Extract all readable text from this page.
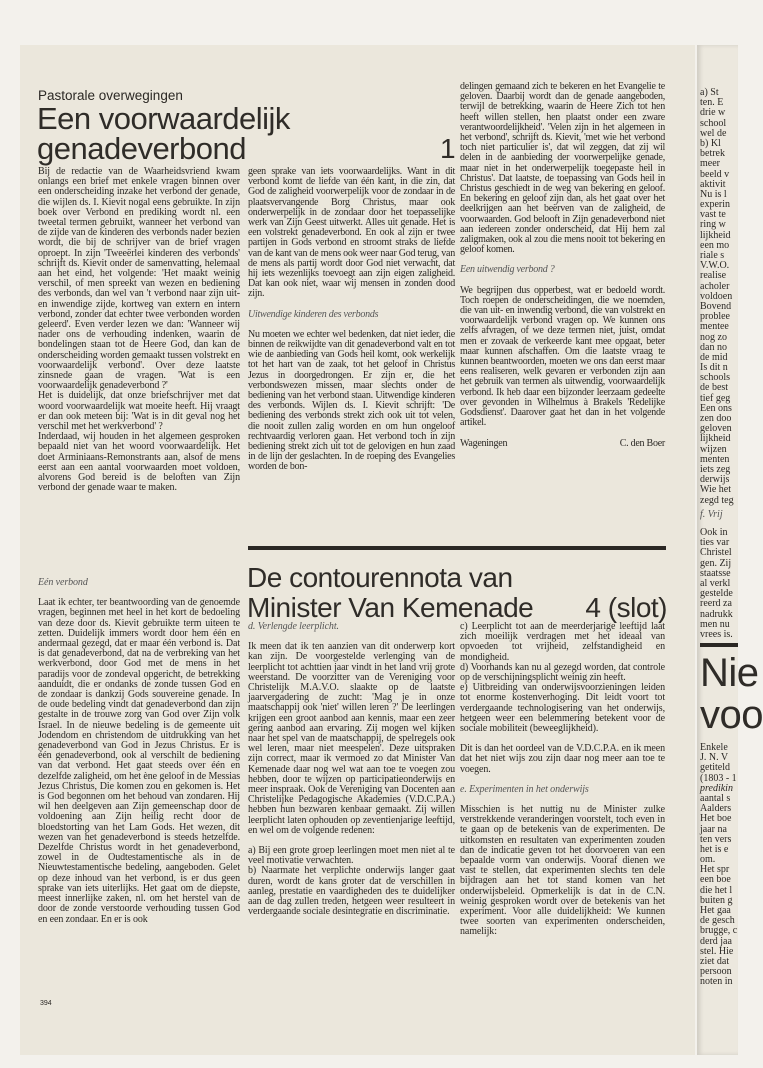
Pastorale overwegingen
Een voorwaardelijk
genadeverbond	1

Bij de redactie van de Waarheidsvriend kwam onlangs een brief met enkele vragen binnen over een onderscheiding inzake het verbond der genade, die wijlen ds. I. Kievit nogal eens gebruikte. In zijn boek over Verbond en prediking wordt nl. een tweetal termen gebruikt, wanneer het verbond van de zijde van de kinderen des verbonds nader bezien wordt, die bij de schrijver van de brief vragen oproept. In zijn 'Tweeërlei kinderen des verbonds' schrijft ds. Kievit onder de samenvatting, helemaal aan het eind, het volgende: 'Het maakt weinig verschil, of men spreekt van wezen en bediening des verbonds, dan wel van 't verbond naar zijn uit- en inwendige zijde, kortweg van extern en intern verbond, zonder dat echter twee verbonden worden geleerd'. Even verder lezen we dan: 'Wanneer wij nader ons de verhouding indenken, waarin de bondelingen staan tot de Heere God, dan kan de onderscheiding worden gemaakt tussen volstrekt en voorwaardelijk verbond'. Over deze laatste zinsnede gaan de vragen. 'Wat is een voorwaardelijk genadeverbond ?'

Het is duidelijk, dat onze briefschrijver met dat woord voorwaardelijk wat moeite heeft. Hij vraagt er dan ook meteen bij: 'Wat is in dit geval nog het verschil met het werkverbond' ?

Inderdaad, wij houden in het algemeen gesproken bepaald niet van het woord voorwaardelijk. Het doet Arminiaans-Remonstrants aan, alsof de mens eerst aan een aantal voorwaarden moet voldoen, alvorens God bereid is de beloften van Zijn verbond der genade waar te maken.

Eén verbond

Laat ik echter, ter beantwoording van de genoemde vragen, beginnen met heel in het kort de bedoeling van deze door ds. Kievit gebruikte term uiteen te zetten. Duidelijk immers wordt door hem één en andermaal gezegd, dat er maar één verbond is. Dat is dat genadeverbond, dat na de verbreking van het werkverbond, door God met de mens in het paradijs voor de zondeval opgericht, de betrekking aanduidt, die er ondanks de zonde tussen God en de zondaar is dankzij Gods souvereine genade. In de oude bedeling vindt dat genadeverbond dan zijn gestalte in de trouwe zorg van God over Zijn volk Israel. In de nieuwe bedeling is de gemeente uit Jodendom en christendom de uitdrukking van het genadeverbond van God in Jezus Christus. Er is één genadeverbond, ook al verschilt de bediening van dat verbond. Het gaat steeds over één en dezelfde zaligheid, om het ène geloof in de Messias Jezus Christus, Die komen zou en gekomen is. Het is God begonnen om het behoud van zondaren. Hij wil hen deelgeven aan Zijn gemeenschap door de voldoening aan Zijn heilig recht door de bloedstorting van het Lam Gods. Het wezen, dit wezen van het genadeverbond is steeds hetzelfde. Dezelfde Christus wordt in het genadeverbond, zowel in de Oudtestamentische als in de Nieuwtestamentische bedeling, aangeboden. Gelet op deze inhoud van het verbond, is er dus geen sprake van iets uiterlijks. Het gaat om de diepste, meest innerlijke zaken, nl. om het herstel van de door de zonde verstoorde verhouding tussen God en een zondaar. En er is ook

geen sprake van iets voorwaardelijks. Want in dit verbond komt de liefde van één kant, in die zin, dat God de zaligheid voorwerpelijk voor de zondaar in de plaatsvervangende Borg Christus, maar ook onderwerpelijk in de zondaar door het toepasselijke werk van Zijn Geest uitwerkt. Alles uit genade. Het is een volstrekt genadeverbond. En ook al zijn er twee partijen in Gods verbond en stroomt straks de liefde van de kant van de mens ook weer naar God terug, van de mens als partij wordt door God niet verwacht, dat hij iets wezenlijks toevoegt aan zijn eigen zaligheid. Dat kan ook niet, waar wij mensen in zonden dood zijn.

Uitwendige kinderen des verbonds

Nu moeten we echter wel bedenken, dat niet ieder, die binnen de reikwijdte van dit genadeverbond valt en tot wie de aanbieding van Gods heil komt, ook werkelijk tot het hart van de zaak, tot het geloof in Christus Jezus in doorgedrongen. Er zijn er, die het verbondswezen missen, maar slechts onder de bediening van het verbond staan. Uitwendige kinderen des verbonds. Wijlen ds. I. Kievit schrijft: 'De bediening des verbonds strekt zich ook uit tot velen, die nooit zullen zalig worden en om hun ongeloof rechtvaardig verloren gaan. Het verbond toch in zijn bediening strekt zich uit tot de gelovigen en hun zaad in de lijn der geslachten. In de roeping des Evangelies worden de bon-

delingen gemaand zich te bekeren en het Evangelie te geloven. Daarbij wordt dan de genade aangeboden, terwijl de betrekking, waarin de Heere Zich tot hen heeft willen stellen, hen plaatst onder een zware verantwoordelijkheid'. 'Velen zijn in het algemeen in het verbond', schrijft ds. Kievit, 'met wie het verbond toch niet particulier is', dat wil zeggen, dat zij wil delen in de aanbieding der voorwerpelijke genade, maar niet in het onderwerpelijk toegepaste heil in Christus'. Dat laatste, de toepassing van Gods heil in Christus geschiedt in de weg van bekering en geloof. En bekering en geloof zijn dan, als het gaat over het deelkrijgen aan het beërven van de zaligheid, de voorwaarden. God belooft in Zijn genadeverbond niet aan iedereen zonder onderscheid, dat Hij hem zal zaligmaken, ook al zou die mens nooit tot bekering en geloof komen.

Een uitwendig verbond ?

We begrijpen dus opperbest, wat er bedoeld wordt. Toch roepen de onderscheidingen, die we noemden, die van uit- en inwendig verbond, die van volstrekt en voorwaardelijk verbond vragen op. We kunnen ons zelfs afvragen, of we deze termen niet, juist, omdat men er zovaak de verkeerde kant mee opgaat, beter maar kunnen afschaffen. Om die laatste vraag te kunnen beantwoorden, moeten we ons dan eerst maar eens realiseren, welk gevaren er verbonden zijn aan het gebruik van termen als uitwendig, voorwaardelijk verbond. Ik heb daar een bijzonder leerzaam gedeelte over gevonden in Wilhelmus à Brakels 'Redelijke Godsdienst'. Daarover gaat het dan in het volgende artikel.

Wageningen	C. den Boer
De contourennota van
Minister Van Kemenade	4 (slot)

d. Verlengde leerplicht.

Ik meen dat ik ten aanzien van dit onderwerp kort kan zijn. De voorgestelde verlenging van de leerplicht tot achttien jaar vindt in het land vrij grote weerstand. De voorzitter van de Vereniging voor Christelijk M.A.V.O. slaakte op de laatste jaarvergadering de zucht: 'Mag je in onze maatschappij ook 'niet' willen leren ?' De leerlingen krijgen een groot aanbod aan kennis, maar een zeer gering aanbod aan ervaring. Zij mogen wel kijken naar het spel van de maatschappij, de spelregels ook wel leren, maar niet meespelen'. Deze uitspraken zijn correct, maar ik vermoed zo dat Minister Van Kemenade daar nog wel wat aan toe te voegen zou hebben, door te wijzen op participatieonderwijs en meer inspraak. Ook de Vereniging van Docenten aan Christelijke Pedagogische Akademies (V.D.C.P.A.) hebben hun bezwaren kenbaar gemaakt. Zij willen leerplicht laten ophouden op zeventienjarige leeftijd, en wel om de volgende redenen:

a) Bij een grote groep leerlingen moet men niet al te veel motivatie verwachten.

b) Naarmate het verplichte onderwijs langer gaat duren, wordt de kans groter dat de verschillen in aanleg, prestatie en vaardigheden des te duidelijker aan de dag zullen treden, hetgeen weer resulteert in verdergaande sociale desintegratie en discriminatie.

c) Leerplicht tot aan de meerderjarige leeftijd laat zich moeilijk verdragen met het ideaal van opvoeden tot vrijheid, zelfstandigheid en mondigheid.

d) Voorhands kan nu al gezegd worden, dat controle op de verschijningsplicht weinig zin heeft.

e) Uitbreiding van onderwijsvoorzieningen leiden tot enorme kostenverhoging. Dit leidt voort tot verdergaande technologisering van het onderwijs, hetgeen weer een belemmering betekent voor de sociale mobiliteit (beweeglijkheid).

Dit is dan het oordeel van de V.D.C.P.A. en ik meen dat het niet wijs zou zijn daar nog meer aan toe te voegen.

e. Experimenten in het onderwijs

Misschien is het nuttig nu de Minister zulke verstrekkende veranderingen voorstelt, toch even in te gaan op de betekenis van de experimenten. De uitkomsten en resultaten van experimenten zouden dan de indicatie geven tot het doorvoeren van een bepaalde vorm van onderwijs. Vooraf dienen we vast te stellen, dat experimenten slechts ten dele bijdragen aan het tot stand komen van het onderwijsbeleid. Opmerkelijk is dat in de C.N. weinig gesproken wordt over de betekenis van het experiment. Voor alle duidelijkheid: We kunnen twee soorten van experimenten onderscheiden, namelijk:

394
a) St
ten. E
drie w
school
wel de
b) Kl
betrek
meer
beeld v
aktivit
Nu is l
experin
vast te
ring w
lijkheid
een mo
riale s
V.W.O.
realise
acholer
voldoen
Bovend
problee
mentee
nog zo
dan no
de mid
Is dit n
schools
de best
tief geg
Een ons
zen doo
geloven
lijkheid
wijzen
menten
iets zeg
derwijs
Wie het
zegd teg
f. Vrij
Ook in
ties var
Christel
gen. Zij
staatsse
al verkl
gestelde
reerd za
nadrukk
men nu
vrees is.
Nie
voo
Enkele
J. N. V
getiteld
(1803 - 1
predikin
aantal s
Aalders
Het boe
jaar na
ten vers
het is e
om.
Het spr
een boe
die het l
buiten g
Het gaa
de gesch
brugge, c
derd jaa
stel. Hie
ziet dat
persoon
noten in
